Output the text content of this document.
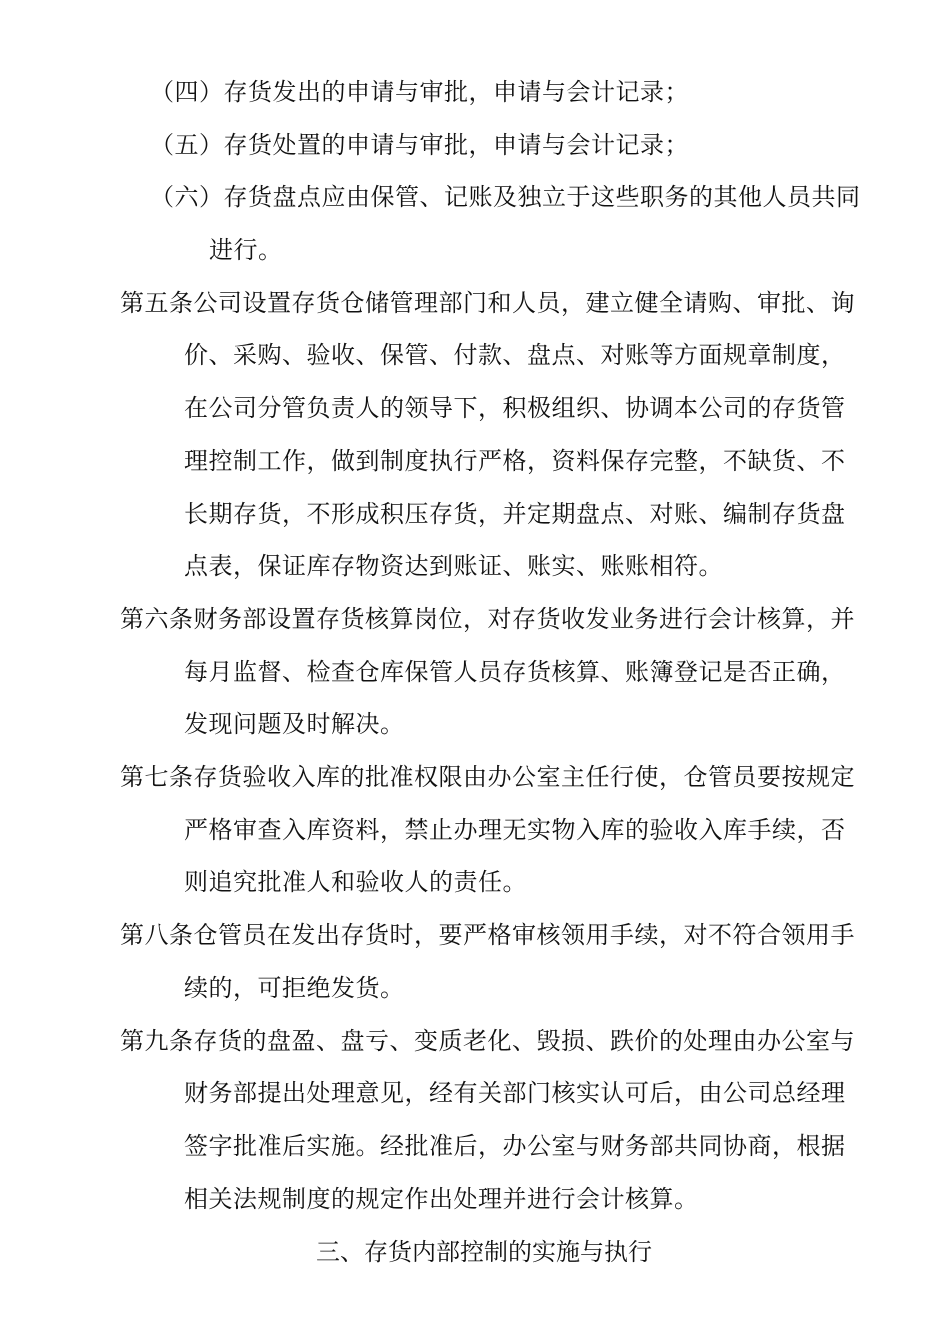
（四）存货发出的申请与审批，申请与会计记录；
（五）存货处置的申请与审批，申请与会计记录；
（六）存货盘点应由保管、记账及独立于这些职务的其他人员共同
进行。
第五条公司设置存货仓储管理部门和人员，建立健全请购、审批、询
价、采购、验收、保管、付款、盘点、对账等方面规章制度，
在公司分管负责人的领导下，积极组织、协调本公司的存货管
理控制工作，做到制度执行严格，资料保存完整，不缺货、不
长期存货，不形成积压存货，并定期盘点、对账、编制存货盘
点表，保证库存物资达到账证、账实、账账相符。
第六条财务部设置存货核算岗位，对存货收发业务进行会计核算，并
每月监督、检查仓库保管人员存货核算、账簿登记是否正确，
发现问题及时解决。
第七条存货验收入库的批准权限由办公室主任行使，仓管员要按规定
严格审查入库资料，禁止办理无实物入库的验收入库手续，否
则追究批准人和验收人的责任。
第八条仓管员在发出存货时，要严格审核领用手续，对不符合领用手
续的，可拒绝发货。
第九条存货的盘盈、盘亏、变质老化、毁损、跌价的处理由办公室与
财务部提出处理意见，经有关部门核实认可后，由公司总经理
签字批准后实施。经批准后，办公室与财务部共同协商，根据
相关法规制度的规定作出处理并进行会计核算。
三、存货内部控制的实施与执行
